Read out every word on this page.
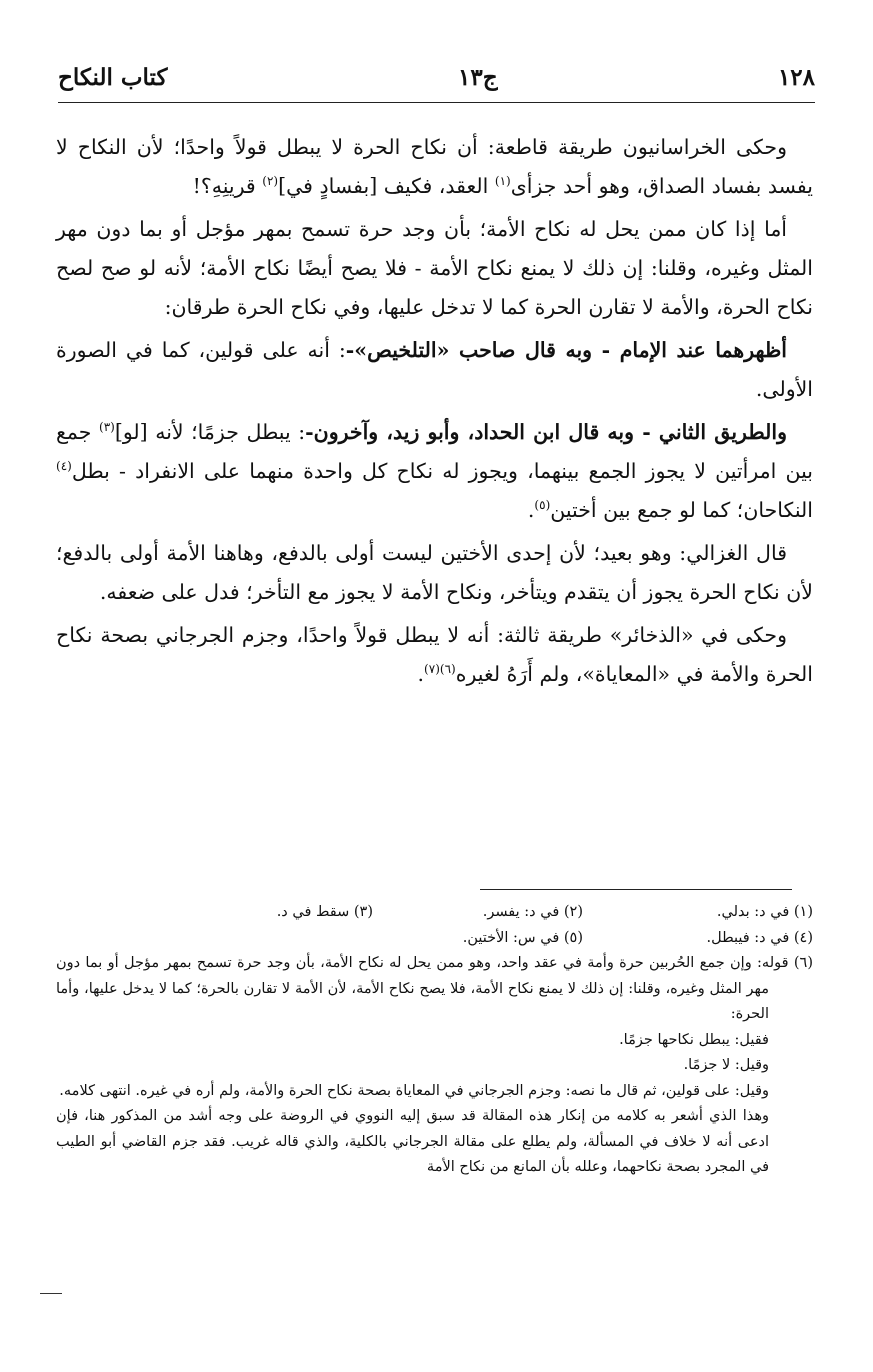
١٢٨
ج١٣
كتاب النكاح

وحكى الخراسانيون طريقة قاطعة: أن نكاح الحرة لا يبطل قولاً واحدًا؛ لأن النكاح لا يفسد بفساد الصداق، وهو أحد جزأى$^{(١)}$ العقد، فكيف [بفسادٍ في]$^{(٢)}$ قرينِهِ؟!

أما إذا كان ممن يحل له نكاح الأمة؛ بأن وجد حرة تسمح بمهر مؤجل أو بما دون مهر المثل وغيره، وقلنا: إن ذلك لا يمنع نكاح الأمة - فلا يصح أيضًا نكاح الأمة؛ لأنه لو صح لصح نكاح الحرة، والأمة لا تقارن الحرة كما لا تدخل عليها، وفي نكاح الحرة طرقان:

أظهرهما عند الإمام - وبه قال صاحب «التلخيص»-: أنه على قولين، كما في الصورة الأولى.

والطريق الثاني - وبه قال ابن الحداد، وأبو زيد، وآخرون-: يبطل جزمًا؛ لأنه [لو]$^{(٣)}$ جمع بين امرأتين لا يجوز الجمع بينهما، ويجوز له نكاح كل واحدة منهما على الانفراد - بطل$^{(٤)}$ النكاحان؛ كما لو جمع بين أختين$^{(٥)}$.

قال الغزالي: وهو بعيد؛ لأن إحدى الأختين ليست أولى بالدفع، وهاهنا الأمة أولى بالدفع؛ لأن نكاح الحرة يجوز أن يتقدم ويتأخر، ونكاح الأمة لا يجوز مع التأخر؛ فدل على ضعفه.

وحكى في «الذخائر» طريقة ثالثة: أنه لا يبطل قولاً واحدًا، وجزم الجرجاني بصحة نكاح الحرة والأمة في «المعاياة»، ولم أَرَهُ لغيره$^{(٦)(٧)}$.

(١) في د: بدلي.
(٢) في د: يفسر.
(٣) سقط في د.
(٤) في د: فيبطل.
(٥) في س: الأختين.

(٦) قوله: وإن جمع الحُربين حرة وأمة في عقد واحد، وهو ممن يحل له نكاح الأمة، بأن وجد حرة تسمح بمهر مؤجل أو بما دون مهر المثل وغيره، وقلنا: إن ذلك لا يمنع نكاح الأمة، فلا يصح نكاح الأمة، لأن الأمة لا تقارن بالحرة؛ كما لا يدخل عليها، وأما الحرة:

فقيل: يبطل نكاحها جزمًا.

وقيل: لا جزمًا.

وقيل: على قولين، ثم قال ما نصه: وجزم الجرجاني في المعاياة بصحة نكاح الحرة والأمة، ولم أره في غيره. انتهى كلامه.

وهذا الذي أشعر به كلامه من إنكار هذه المقالة قد سبق إليه النووي في الروضة على وجه أشد من المذكور هنا، فإن ادعى أنه لا خلاف في المسألة، ولم يطلع على مقالة الجرجاني بالكلية، والذي قاله غريب. فقد جزم القاضي أبو الطيب في المجرد بصحة نكاحهما، وعلله بأن المانع من نكاح الأمة
